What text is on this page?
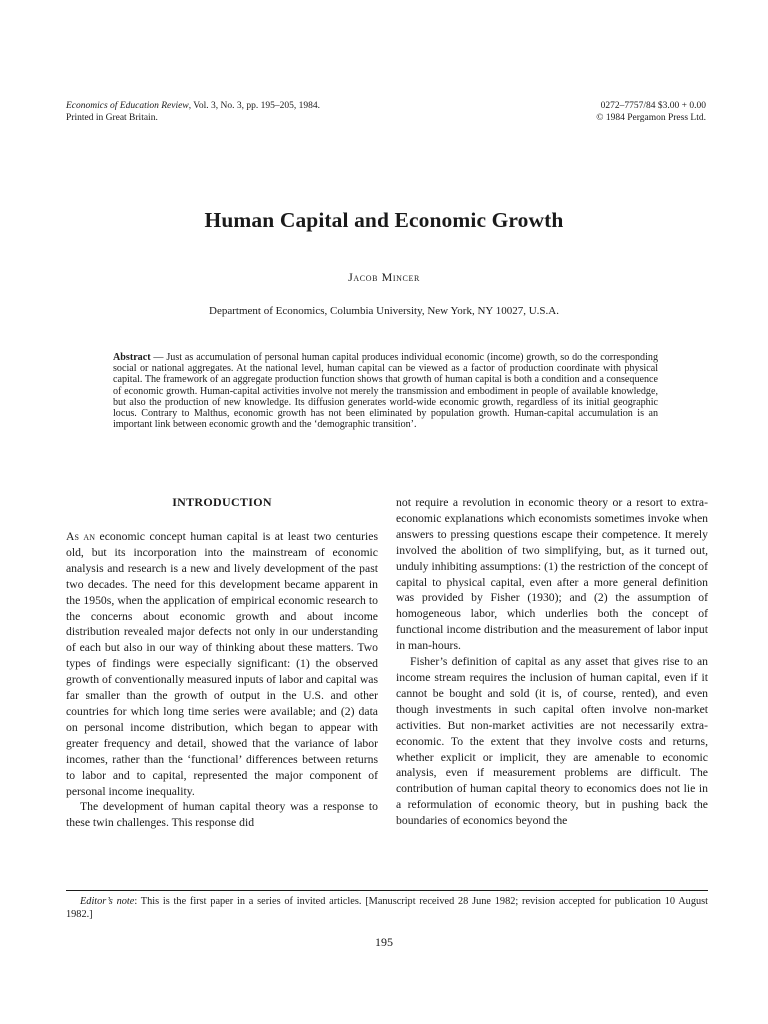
Economics of Education Review, Vol. 3, No. 3, pp. 195–205, 1984.
Printed in Great Britain.
0272–7757/84 $3.00 + 0.00
© 1984 Pergamon Press Ltd.
Human Capital and Economic Growth
Jacob Mincer
Department of Economics, Columbia University, New York, NY 10027, U.S.A.
Abstract — Just as accumulation of personal human capital produces individual economic (income) growth, so do the corresponding social or national aggregates. At the national level, human capital can be viewed as a factor of production coordinate with physical capital. The framework of an aggregate production function shows that growth of human capital is both a condition and a consequence of economic growth. Human-capital activities involve not merely the transmission and embodiment in people of available knowledge, but also the production of new knowledge. Its diffusion generates world-wide economic growth, regardless of its initial geographic locus. Contrary to Malthus, economic growth has not been eliminated by population growth. Human-capital accumulation is an important link between economic growth and the ‘demographic transition’.
INTRODUCTION

As an economic concept human capital is at least two centuries old, but its incorporation into the mainstream of economic analysis and research is a new and lively development of the past two decades. The need for this development became apparent in the 1950s, when the application of empirical economic research to the concerns about economic growth and about income distribution revealed major defects not only in our understanding of each but also in our way of thinking about these matters. Two types of findings were especially significant: (1) the observed growth of conventionally measured inputs of labor and capital was far smaller than the growth of output in the U.S. and other countries for which long time series were available; and (2) data on personal income distribution, which began to appear with greater frequency and detail, showed that the variance of labor incomes, rather than the ‘functional’ differences between returns to labor and to capital, represented the major component of personal income inequality.

The development of human capital theory was a response to these twin challenges. This response did

not require a revolution in economic theory or a resort to extra-economic explanations which economists sometimes invoke when answers to pressing questions escape their competence. It merely involved the abolition of two simplifying, but, as it turned out, unduly inhibiting assumptions: (1) the restriction of the concept of capital to physical capital, even after a more general definition was provided by Fisher (1930); and (2) the assumption of homogeneous labor, which underlies both the concept of functional income distribution and the measurement of labor input in man-hours.

Fisher’s definition of capital as any asset that gives rise to an income stream requires the inclusion of human capital, even if it cannot be bought and sold (it is, of course, rented), and even though investments in such capital often involve non-market activities. But non-market activities are not necessarily extra-economic. To the extent that they involve costs and returns, whether explicit or implicit, they are amenable to economic analysis, even if measurement problems are difficult. The contribution of human capital theory to economics does not lie in a reformulation of economic theory, but in pushing back the boundaries of economics beyond the

Editor’s note: This is the first paper in a series of invited articles. [Manuscript received 28 June 1982; revision accepted for publication 10 August 1982.]
195
